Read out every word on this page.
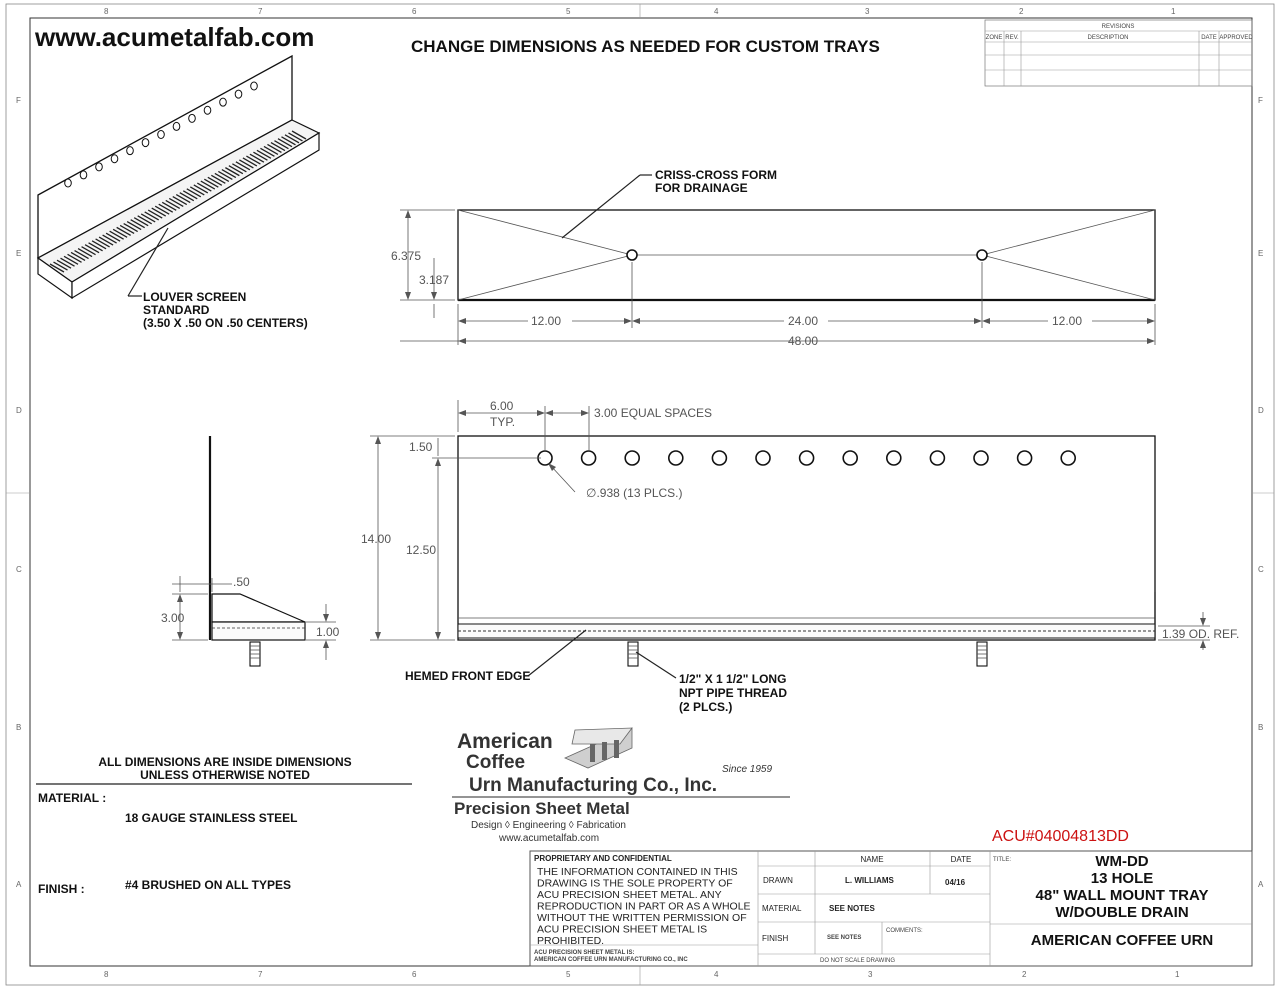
8	7	6	5	4	3	2	1
8	7	6	5	4	3	2	1
F
E
D
C
B
A
F
E
D
C
B
A
www.acumetalfab.com	CHANGE DIMENSIONS AS NEEDED FOR CUSTOM TRAYS
REVISIONS
ZONE REV.	DESCRIPTION	DATE APPROVED
LOUVER SCREEN
STANDARD
(3.50 X .50 ON .50 CENTERS)
CRISS-CROSS FORM
FOR DRAINAGE
6.375
3.187
12.00	24.00	12.00
48.00
6.00
TYP.
3.00 EQUAL SPACES
14.00
12.50
1.50
∅.938 (13 PLCS.)
1.39 OD. REF.
HEMED FRONT EDGE	1/2" X 1 1/2" LONG
NPT PIPE THREAD
(2 PLCS.)
.50
3.00
1.00
ALL DIMENSIONS ARE INSIDE DIMENSIONS
UNLESS OTHERWISE NOTED
MATERIAL :
18 GAUGE STAINLESS STEEL
FINISH :	#4 BRUSHED ON ALL TYPES
American
Coffee
Urn Manufacturing Co., Inc.
Since 1959
Precision Sheet Metal
Design ◊ Engineering ◊ Fabrication
www.acumetalfab.com	ACU#04004813DD
PROPRIETARY AND CONFIDENTIAL
THE INFORMATION CONTAINED IN THIS
DRAWING IS THE SOLE PROPERTY OF
ACU PRECISION SHEET METAL. ANY
REPRODUCTION IN PART OR AS A WHOLE
WITHOUT THE WRITTEN PERMISSION OF
ACU PRECISION SHEET METAL IS
PROHIBITED.
ACU PRECISION SHEET METAL IS:
AMERICAN COFFEE URN MANUFACTURING CO., INC
NAME	DATE
DRAWN	L. WILLIAMS	04/16
MATERIAL	SEE NOTES
FINISH	SEE NOTES
COMMENTS:
DO NOT SCALE DRAWING
TITLE:	WM-DD
13 HOLE
48" WALL MOUNT TRAY
W/DOUBLE DRAIN
AMERICAN COFFEE URN
